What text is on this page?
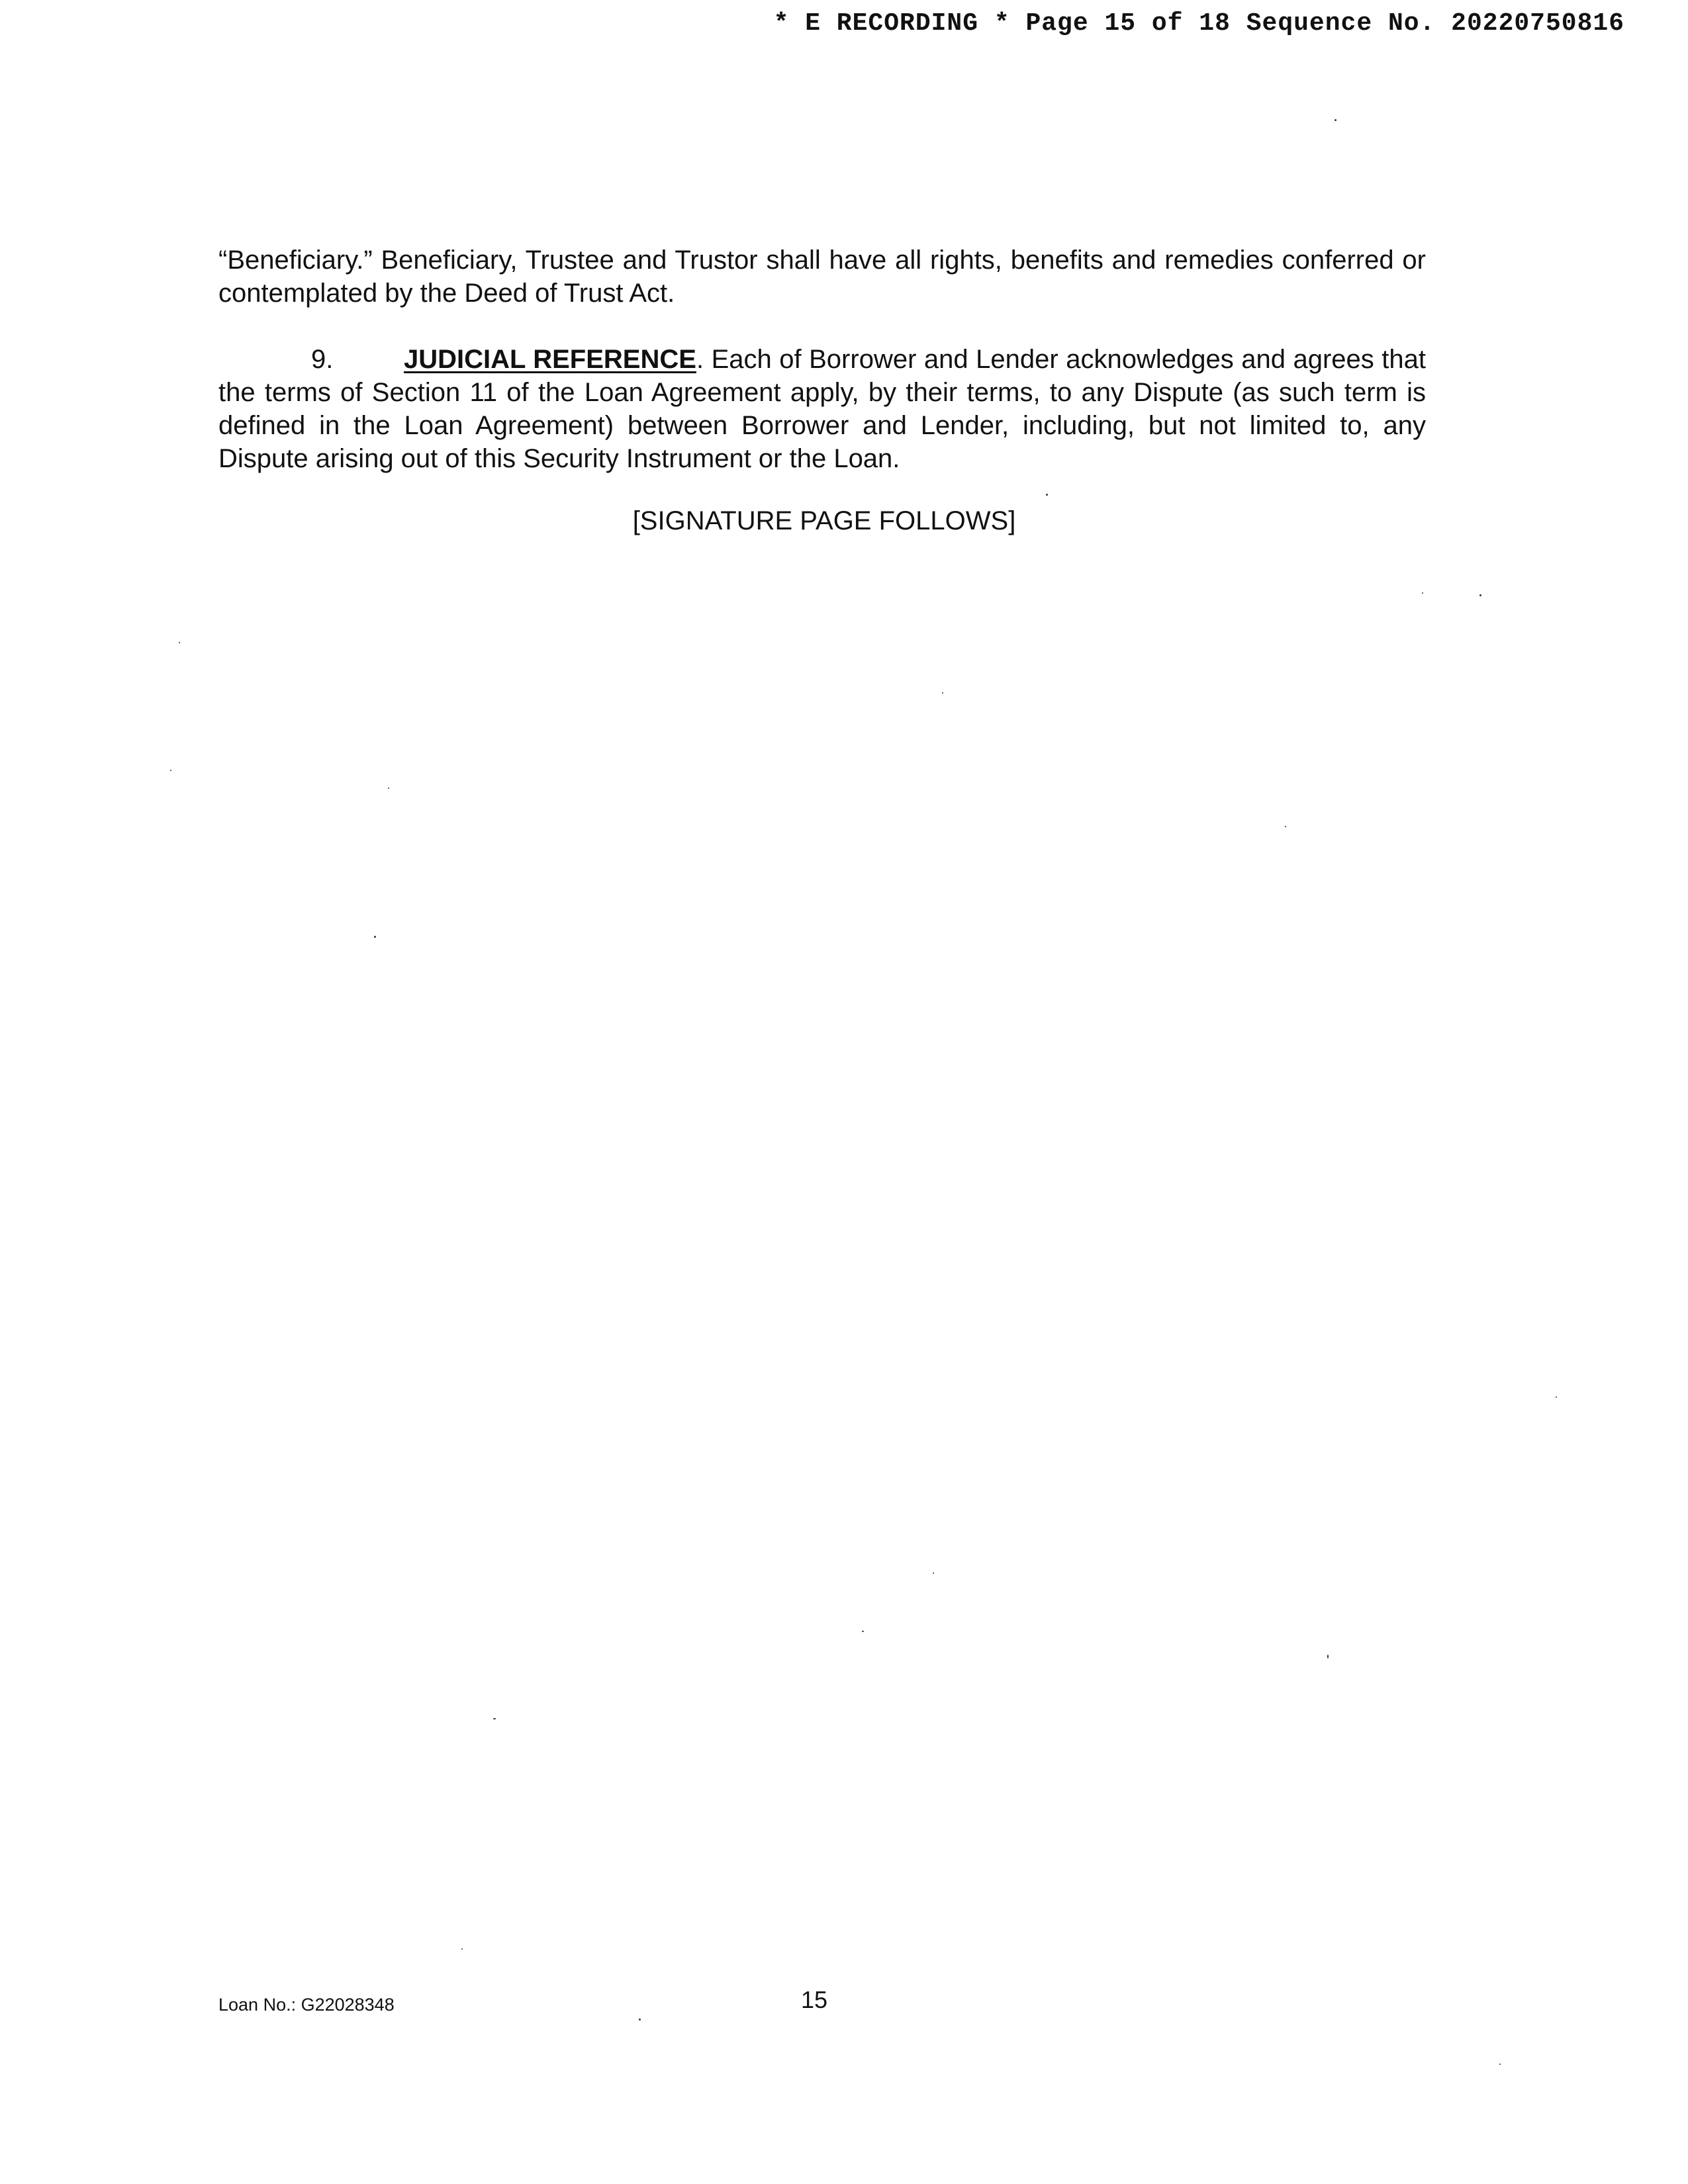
* E RECORDING * Page 15 of 18 Sequence No. 20220750816

“Beneficiary.” Beneficiary, Trustee and Trustor shall have all rights, benefits and remedies conferred or contemplated by the Deed of Trust Act.

9.	JUDICIAL REFERENCE. Each of Borrower and Lender acknowledges and agrees that the terms of Section 11 of the Loan Agreement apply, by their terms, to any Dispute (as such term is defined in the Loan Agreement) between Borrower and Lender, including, but not limited to, any Dispute arising out of this Security Instrument or the Loan.

[SIGNATURE PAGE FOLLOWS]
Loan No.: G22028348	15
